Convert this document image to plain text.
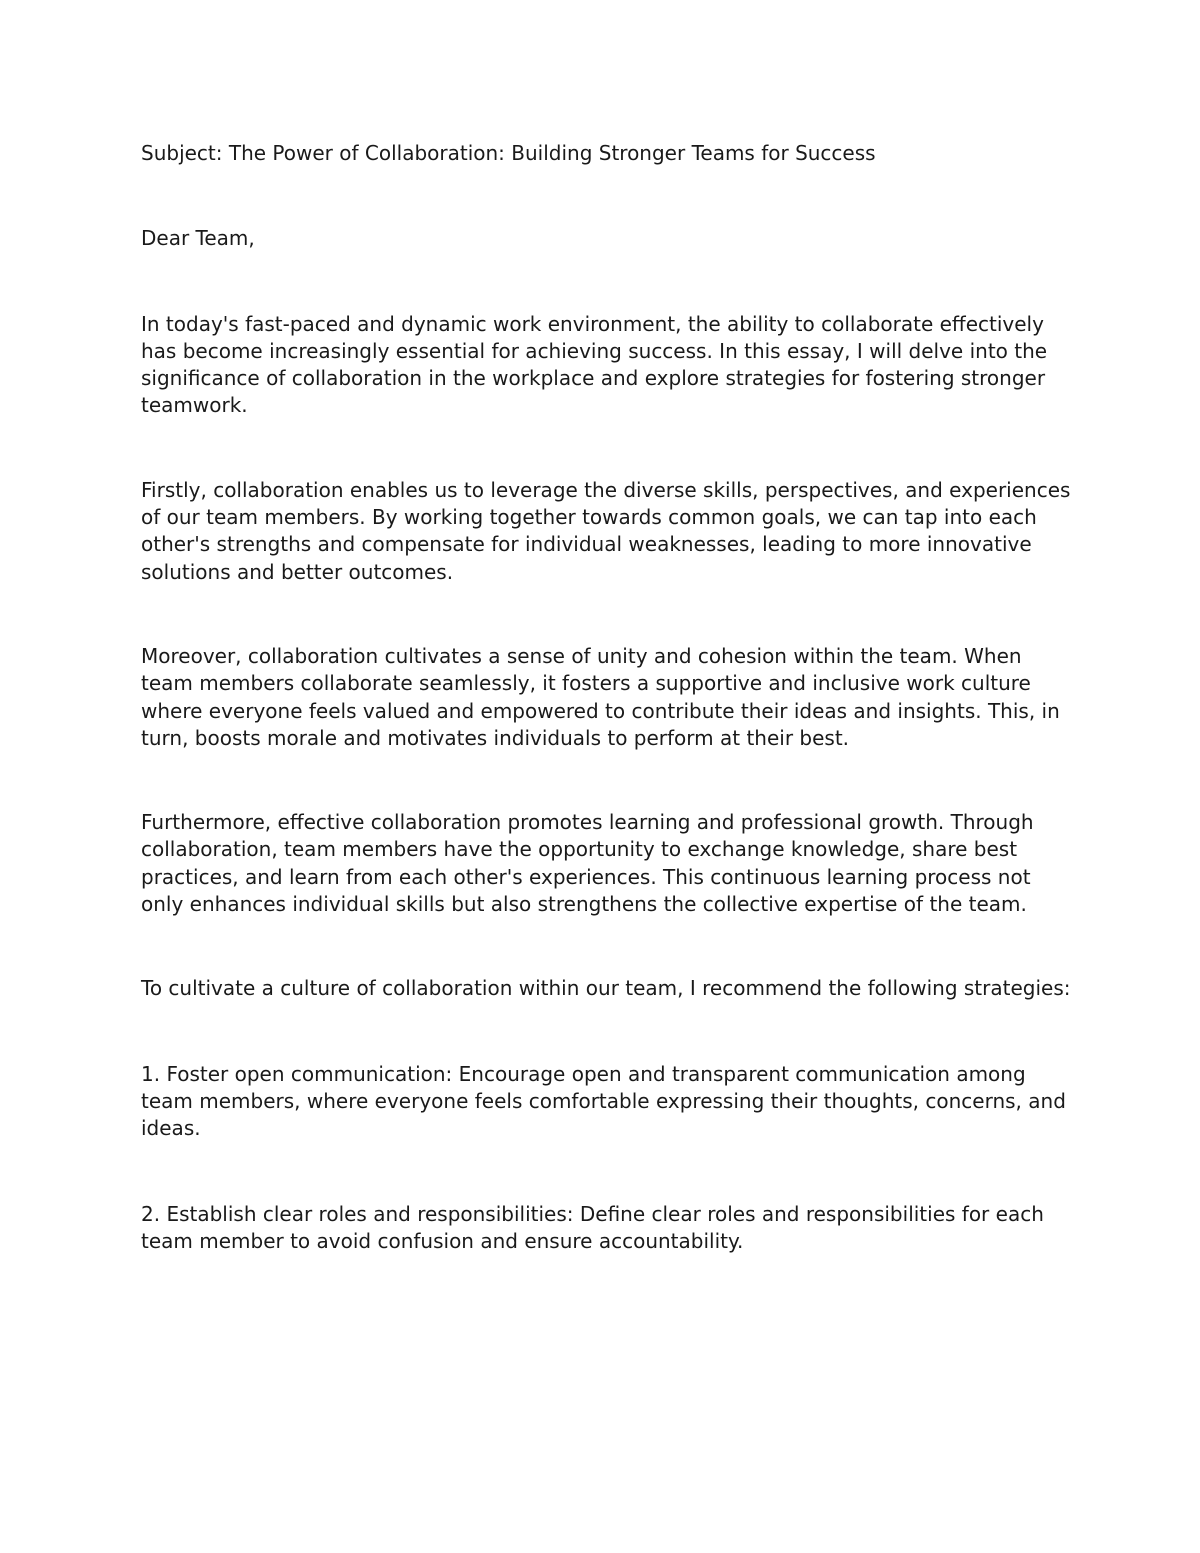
Subject: The Power of Collaboration: Building Stronger Teams for Success

Dear Team,

In today's fast-paced and dynamic work environment, the ability to collaborate effectively has become increasingly essential for achieving success. In this essay, I will delve into the significance of collaboration in the workplace and explore strategies for fostering stronger teamwork.

Firstly, collaboration enables us to leverage the diverse skills, perspectives, and experiences of our team members. By working together towards common goals, we can tap into each other's strengths and compensate for individual weaknesses, leading to more innovative solutions and better outcomes.

Moreover, collaboration cultivates a sense of unity and cohesion within the team. When team members collaborate seamlessly, it fosters a supportive and inclusive work culture where everyone feels valued and empowered to contribute their ideas and insights. This, in turn, boosts morale and motivates individuals to perform at their best.

Furthermore, effective collaboration promotes learning and professional growth. Through collaboration, team members have the opportunity to exchange knowledge, share best practices, and learn from each other's experiences. This continuous learning process not only enhances individual skills but also strengthens the collective expertise of the team.

To cultivate a culture of collaboration within our team, I recommend the following strategies:

1. Foster open communication: Encourage open and transparent communication among team members, where everyone feels comfortable expressing their thoughts, concerns, and ideas.

2. Establish clear roles and responsibilities: Define clear roles and responsibilities for each team member to avoid confusion and ensure accountability.
